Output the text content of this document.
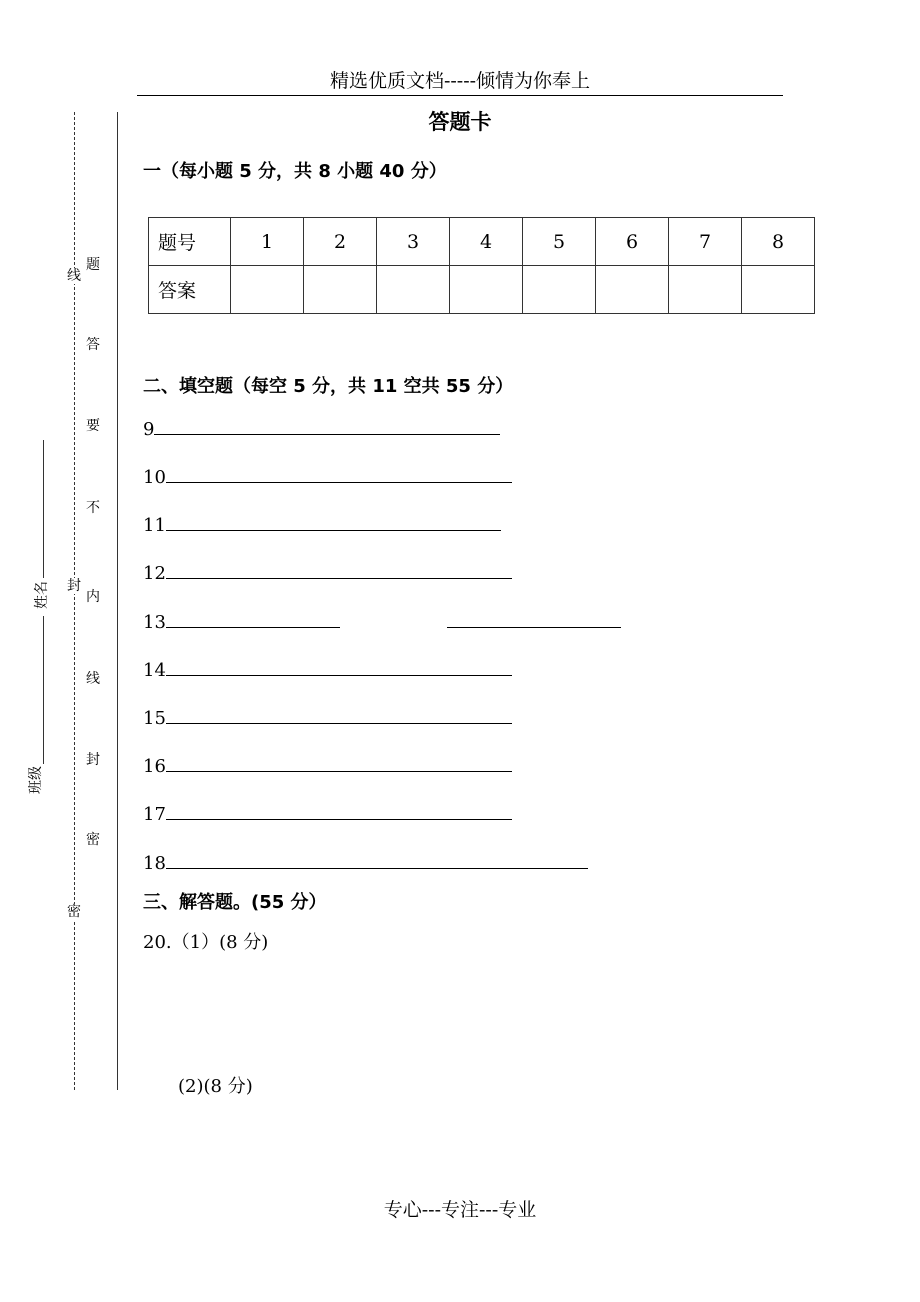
精选优质文档-----倾情为你奉上
答题卡
一（每小题 5 分，共 8 小题 40 分）
题号	1	2	3	4	5	6	7	8
答案								
二、填空题（每空 5 分，共 11 空共 55 分）
9
10
11
12
13
14
15
16
17
18
三、解答题。(55 分）
20.（1）(8 分)
(2)(8 分)
题
答
要
不
内
线
封
密
线
封
密
姓名
班级
专心---专注---专业
